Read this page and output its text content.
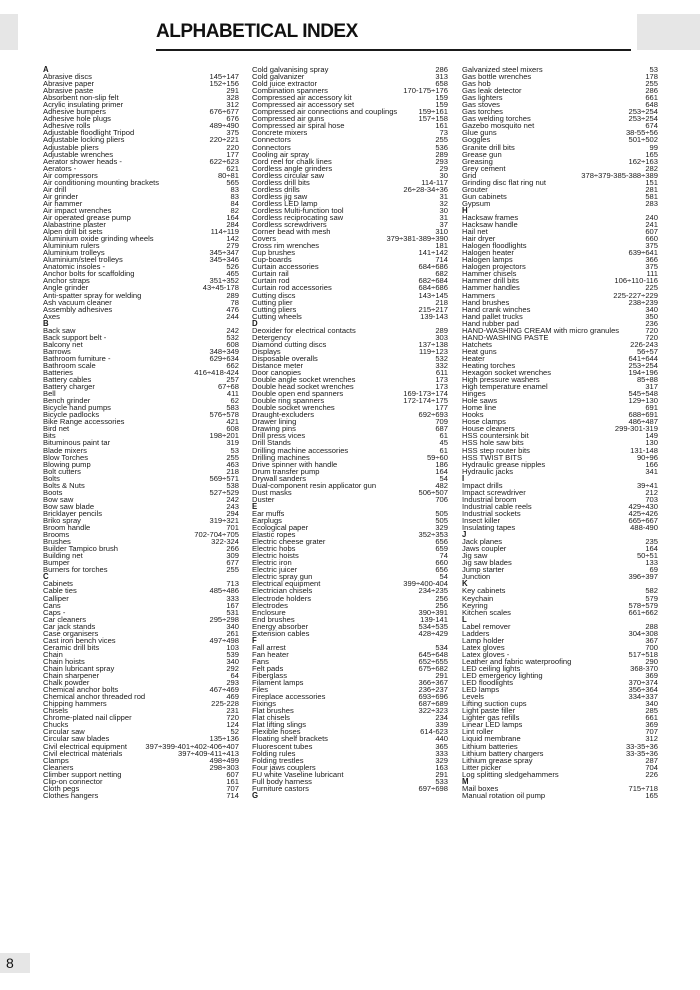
ALPHABETICAL INDEX
A
Abrasive discs	145÷147
Abrasive paper	152÷156
Abrasive paste	291
Absorbent non-slip felt	328
Acrylic insulating primer	312
Adhesive bumpers	676÷677
Adhesive hole plugs	676
Adhesive rolls	489÷490
Adjustable floodlight Tripod	375
Adjustable locking pliers	220÷221
Adjustable pliers	220
Adjustable wrenches	177
Aerator shower heads -	622÷623
Aerators -	621
Air compressors	80÷81
Air conditioning mounting brackets	565
Air drill	83
Air grinder	83
Air hammer	84
Air impact wrenches	82
Air operated grease pump	164
Alabastrine plaster	284
Alpen drill bit sets	114÷119
Aluminium oxide grinding wheels	142
Aluminium rulers	279
Aluminium trolleys	345÷347
Aluminium/steel trolleys	345÷346
Anatomic insoles -	526
Anchor bolts for scaffolding	465
Anchor straps	351÷352
Angle grinder	43÷45-178
Anti-spatter spray for welding	289
Ash vacuum cleaner	78
Assembly adhesives	476
Axes	244
B
Back saw	242
Back support belt -	532
Balcony net	608
Barrows	348÷349
Bathroom furniture -	629÷634
Bathroom scale	662
Batteries	416÷418-424
Battery cables	257
Battery charger	67÷68
Bell	411
Bench grinder	62
Bicycle hand pumps	583
Bicycle padlocks	576÷578
Bike Range accessories	421
Bird net	608
Bits	198÷201
Bituminous paint tar	319
Blade mixers	53
Blow Torches	255
Blowing pump	463
Bolt cutters	218
Bolts	569÷571
Bolts & Nuts	538
Boots	527÷529
Bow saw	242
Bow saw blade	243
Bricklayer pencils	294
Briko spray	319÷321
Broom handle	701
Brooms	702-704÷705
Brushes	322-324
Builder Tampico brush	266
Building net	309
Bumper	677
Burners for torches	255
C
Cabinets	713
Cable ties	485÷486
Calliper	333
Cans	167
Caps -	531
Car cleaners	295÷298
Car jack stands	340
Case organisers	261
Cast iron bench vices	497÷498
Ceramic drill bits	103
Chain	539
Chain hoists	340
Chain lubricant spray	292
Chain sharpener	64
Chalk powder	293
Chemical anchor bolts	467÷469
Chemical anchor threaded rod	469
Chipping hammers	225-228
Chisels	231
Chrome-plated nail clipper	720
Chucks	124
Circular saw	52
Circular saw blades	135÷136
Civil electrical equipment	397÷399-401÷402-406÷407
Civil electrical materials	397÷409-411÷413
Clamps	498÷499
Cleaners	298÷303
Climber support netting	607
Clip-on connector	161
Cloth pegs	707
Clothes hangers	714
Cold galvanising spray	286
Cold galvanizer	313
Cold juice extractor	658
Combination spanners	170-175÷176
Compressed air accessory kit	159
Compressed air accessory set	159
Compressed air connections and couplings	159÷161
Compressed air guns	157÷158
Compressed air spiral hose	161
Concrete mixers	73
Connectors	255
Connectors	536
Cooling air spray	289
Cord reel for chalk lines	293
Cordless angle grinders	29
Cordless circular saw	30
Cordless drill bits	114-117
Cordless drills	26÷28-34÷36
Cordless jig saw	31
Cordless LED lamp	32
Cordless Multi-function tool	30
Cordless reciprocating saw	31
Cordless screwdrivers	37
Corner bead with mesh	310
Covers	379÷381-389÷390
Cross rim wrenches	181
Cup brushes	141÷142
Cup-boards	714
Curtain accessories	684÷686
Curtain rail	682
Curtain rod	682÷684
Curtain rod accessories	684÷686
Cutting discs	143÷145
Cutting plier	218
Cutting pliers	215÷217
Cutting wheels	139-143
D
Deoxider for electrical contacts	289
Detergency	303
Diamond cutting discs	137÷138
Displays	119÷123
Disposable overalls	532
Distance meter	332
Door canopies	611
Double angle socket wrenches	173
Double head socket wrenches	173
Double open end spanners	169-173÷174
Double ring spanners	172-174÷175
Double socket wrenches	177
Draught-excluders	692÷693
Drawer lining	709
Drawing pins	687
Drill press vices	61
Drill Stands	45
Drilling machine accessories	61
Drilling machines	59÷60
Drive spinner with handle	186
Drum transfer pump	164
Drywall sanders	54
Dual-component resin applicator gun	482
Dust masks	506÷507
Duster	706
E
Ear muffs	505
Earplugs	505
Ecological paper	329
Elastic ropes	352÷353
Electric cheese grater	656
Electric hobs	659
Electric hoists	74
Electric iron	660
Electric juicer	656
Electric spray gun	54
Electrical equipment	399÷400-404
Electrician chisels	234÷235
Electrode holders	256
Electrodes	256
Enclosure	390÷391
End brushes	139-141
Energy absorber	534÷535
Extension cables	428÷429
F
Fall arrest	534
Fan heater	645÷648
Fans	652÷655
Felt pads	675÷682
Fiberglass	291
Filament lamps	366÷367
Files	236÷237
Fireplace accessories	693÷696
Fixings	687÷689
Flat brushes	322÷323
Flat chisels	234
Flat lifting slings	339
Flexible hoses	614-623
Floating shelf brackets	440
Fluorescent tubes	365
Folding rules	333
Folding trestles	329
Four jaws couplers	163
FU white Vaseline lubricant	291
Full body harness	533
Furniture castors	697÷698
G
Galvanized steel mixers	53
Gas bottle wrenches	178
Gas hob	255
Gas leak detector	286
Gas lighters	661
Gas stoves	648
Gas torches	253÷254
Gas welding torches	253÷254
Gazebo mosquito net	674
Glue guns	38-55÷56
Goggles	501÷502
Granite drill bits	99
Grease gun	165
Greasing	162÷163
Grey cement	282
Grid	378÷379-385-388÷389
Grinding disc flat ring nut	151
Grouter	281
Gun cabinets	581
Gypsum	283
H
Hacksaw frames	240
Hacksaw handle	241
Hail net	607
Hair dryer	660
Halogen floodlights	375
Halogen heater	639÷641
Halogen lamps	366
Halogen projectors	375
Hammer chisels	111
Hammer drill bits	106÷110-116
Hammer handles	225
Hammers	225-227÷229
Hand brushes	238÷239
Hand crank winches	340
Hand pallet trucks	350
Hand rubber pad	236
HAND-WASHING CREAM with micro granules	720
HAND-WASHING PASTE	720
Hatchets	226-243
Heat guns	56÷57
Heater	641÷644
Heating torches	253÷254
Hexagon socket wrenches	194÷196
High pressure washers	85÷88
High temperature enamel	317
Hinges	545÷548
Hole saws	129÷130
Home line	691
Hooks	688÷691
Hose clamps	486÷487
House cleaners	299-301-319
HSS countersink bit	149
HSS hole saw bits	130
HSS step router bits	131-148
HSS TWIST BITS	90÷96
Hydraulic grease nipples	166
Hydraulic jacks	341
I
Impact drills	39÷41
Impact screwdriver	212
Industrial broom	703
Industrial cable reels	429÷430
Industrial sockets	425÷426
Insect killer	665÷667
Insulating tapes	488-490
J
Jack planes	235
Jaws coupler	164
Jig saw	50÷51
Jig saw blades	133
Jump starter	69
Junction	396÷397
K
Key cabinets	582
Keychain	579
Keyring	578÷579
Kitchen scales	661÷662
L
Label remover	288
Ladders	304÷308
Lamp holder	367
Latex gloves	700
Latex gloves -	517÷518
Leather and fabric waterproofing	290
LED ceiling lights	368-370
LED emergency lighting	369
LED floodlights	370÷374
LED lamps	356÷364
Levels	334÷337
Lifting suction cups	340
Light paste filler	285
Lighter gas refills	661
Linear LED lamps	369
Lint roller	707
Liquid membrane	312
Lithium batteries	33-35÷36
Lithium battery chargers	33-35÷36
Lithium grease spray	287
Litter picker	704
Log splitting sledgehammers	226
M
Mail boxes	715÷718
Manual rotation oil pump	165
8
